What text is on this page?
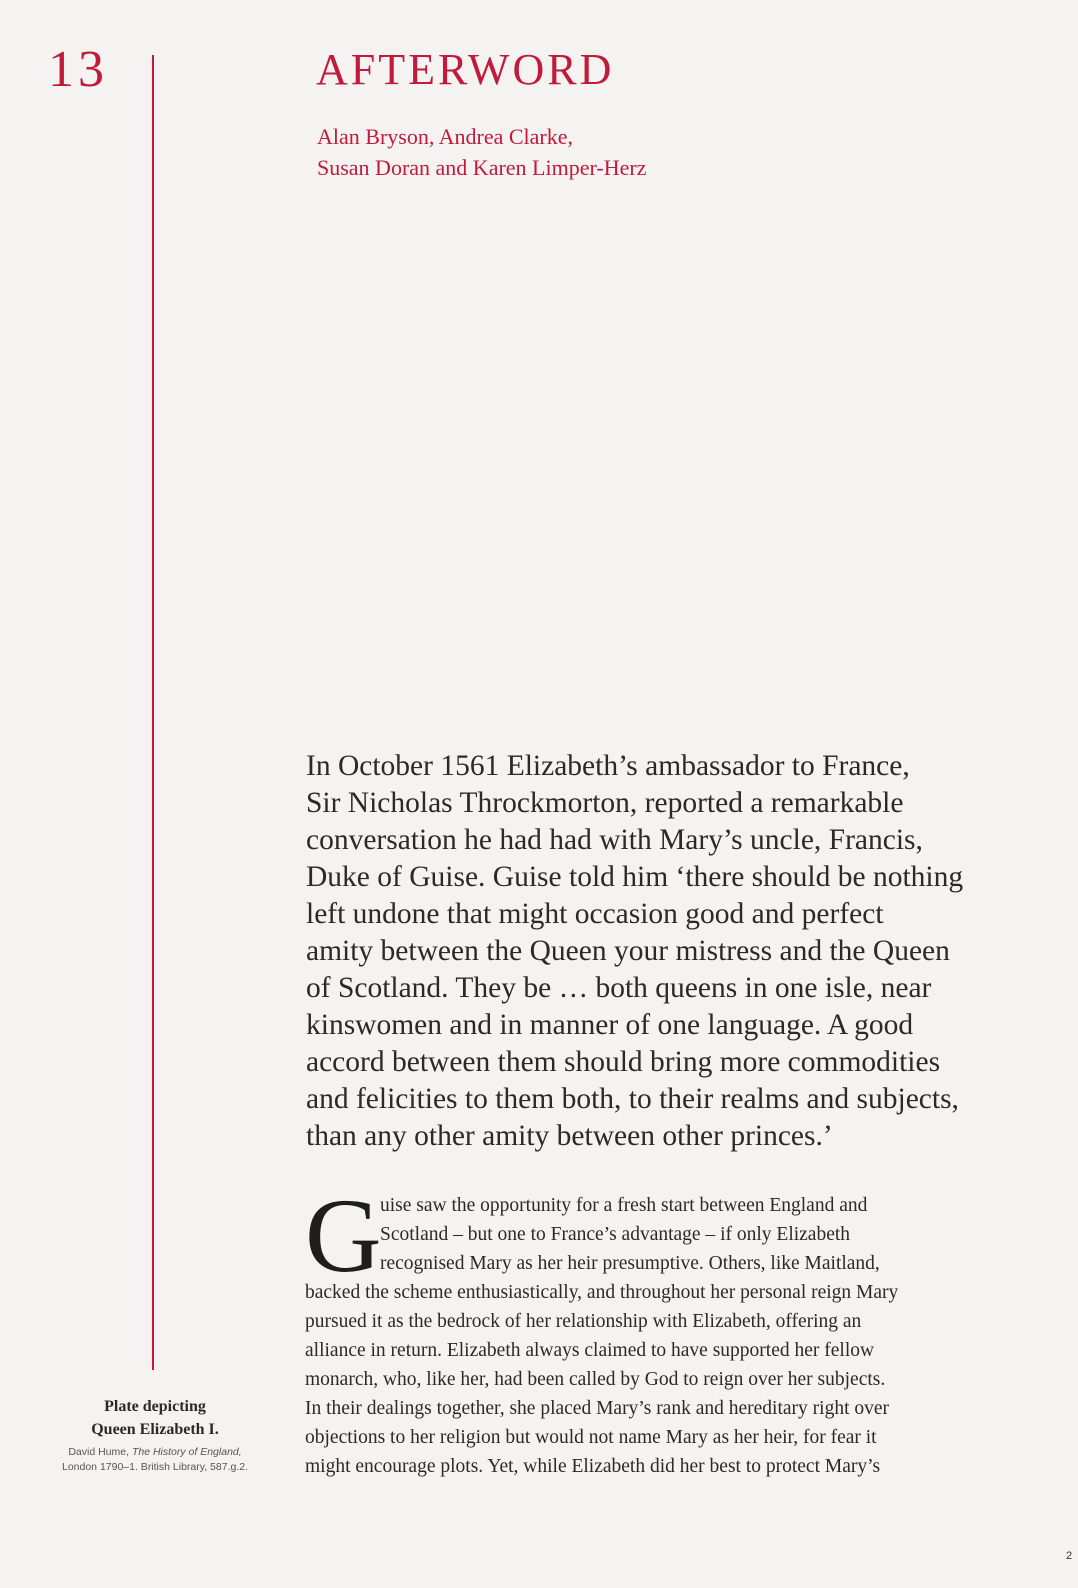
13	AFTERWORD
Alan Bryson, Andrea Clarke,
Susan Doran and Karen Limper-Herz
In October 1561 Elizabeth’s ambassador to France,
Sir Nicholas Throckmorton, reported a remarkable
conversation he had had with Mary’s uncle, Francis,
Duke of Guise. Guise told him ‘there should be nothing
left undone that might occasion good and perfect
amity between the Queen your mistress and the Queen
of Scotland. They be … both queens in one isle, near
kinswomen and in manner of one language. A good
accord between them should bring more commodities
and felicities to them both, to their realms and subjects,
than any other amity between other princes.’
G
uise saw the opportunity for a fresh start between England and
Scotland – but one to France’s advantage – if only Elizabeth
recognised Mary as her heir presumptive. Others, like Maitland,
backed the scheme enthusiastically, and throughout her personal reign Mary
pursued it as the bedrock of her relationship with Elizabeth, offering an
alliance in return. Elizabeth always claimed to have supported her fellow
monarch, who, like her, had been called by God to reign over her subjects.
In their dealings together, she placed Mary’s rank and hereditary right over
objections to her religion but would not name Mary as her heir, for fear it
might encourage plots. Yet, while Elizabeth did her best to protect Mary’s
Plate depicting
Queen Elizabeth I.
David Hume, The History of England,
London 1790–1. British Library, 587.g.2.
2
